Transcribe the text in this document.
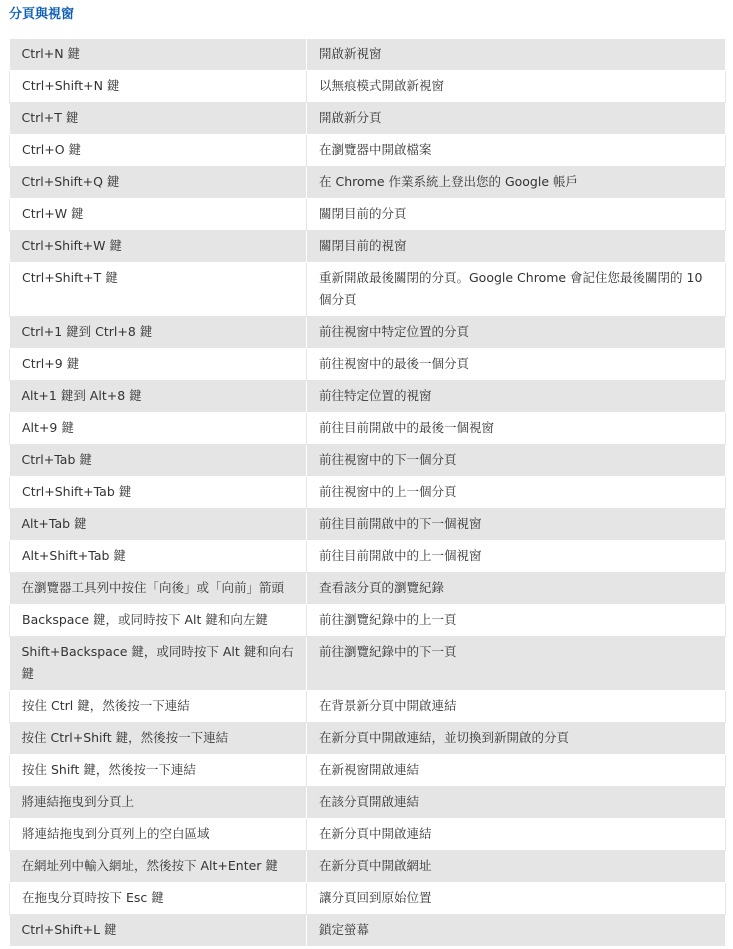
分頁與視窗
Ctrl+N 鍵	開啟新視窗
Ctrl+Shift+N 鍵	以無痕模式開啟新視窗
Ctrl+T 鍵	開啟新分頁
Ctrl+O 鍵	在瀏覽器中開啟檔案
Ctrl+Shift+Q 鍵	在 Chrome 作業系統上登出您的 Google 帳戶
Ctrl+W 鍵	關閉目前的分頁
Ctrl+Shift+W 鍵	關閉目前的視窗
Ctrl+Shift+T 鍵	重新開啟最後關閉的分頁。Google Chrome 會記住您最後關閉的 10 個分頁
Ctrl+1 鍵到 Ctrl+8 鍵	前往視窗中特定位置的分頁
Ctrl+9 鍵	前往視窗中的最後一個分頁
Alt+1 鍵到 Alt+8 鍵	前往特定位置的視窗
Alt+9 鍵	前往目前開啟中的最後一個視窗
Ctrl+Tab 鍵	前往視窗中的下一個分頁
Ctrl+Shift+Tab 鍵	前往視窗中的上一個分頁
Alt+Tab 鍵	前往目前開啟中的下一個視窗
Alt+Shift+Tab 鍵	前往目前開啟中的上一個視窗
在瀏覽器工具列中按住「向後」或「向前」箭頭	查看該分頁的瀏覽紀錄
Backspace 鍵，或同時按下 Alt 鍵和向左鍵	前往瀏覽紀錄中的上一頁
Shift+Backspace 鍵，或同時按下 Alt 鍵和向右鍵	前往瀏覽紀錄中的下一頁
按住 Ctrl 鍵，然後按一下連結	在背景新分頁中開啟連結
按住 Ctrl+Shift 鍵，然後按一下連結	在新分頁中開啟連結，並切換到新開啟的分頁
按住 Shift 鍵，然後按一下連結	在新視窗開啟連結
將連結拖曳到分頁上	在該分頁開啟連結
將連結拖曳到分頁列上的空白區域	在新分頁中開啟連結
在網址列中輸入網址，然後按下 Alt+Enter 鍵	在新分頁中開啟網址
在拖曳分頁時按下 Esc 鍵	讓分頁回到原始位置
Ctrl+Shift+L 鍵	鎖定螢幕
